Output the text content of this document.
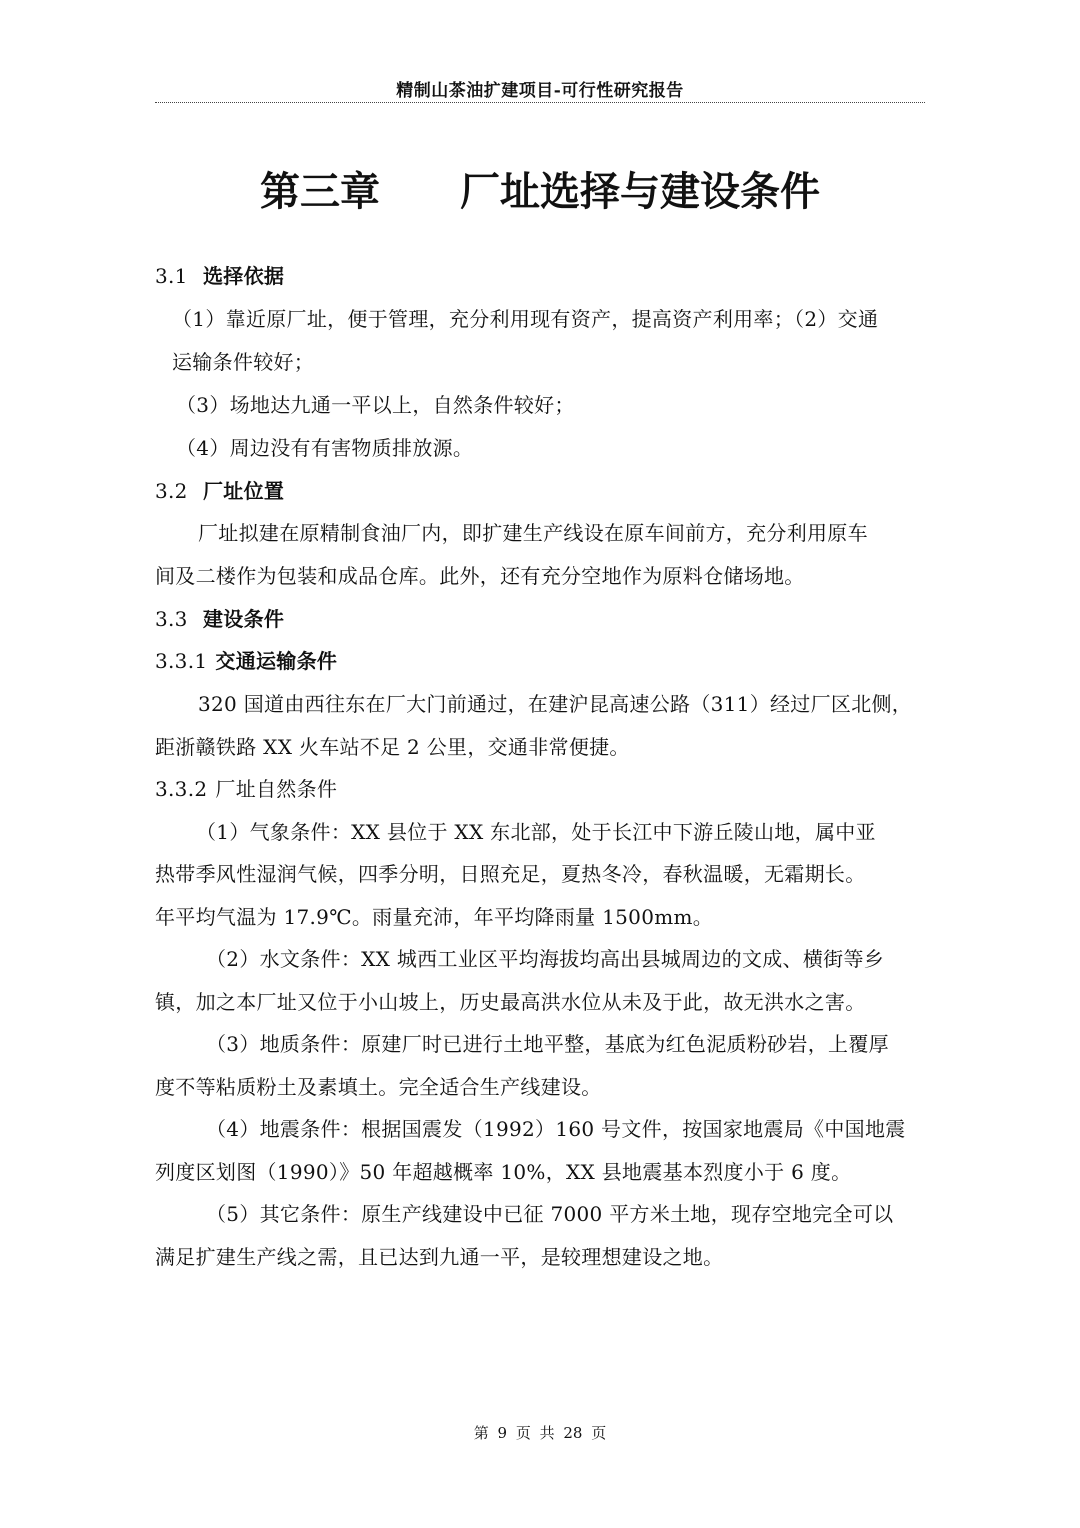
精制山茶油扩建项目-可行性研究报告
第三章 厂址选择与建设条件
3.1 选择依据
（1）靠近原厂址，便于管理，充分利用现有资产，提高资产利用率；（2）交通
运输条件较好；
（3）场地达九通一平以上，自然条件较好；
（4）周边没有有害物质排放源。
3.2 厂址位置
厂址拟建在原精制食油厂内，即扩建生产线设在原车间前方，充分利用原车
间及二楼作为包装和成品仓库。此外，还有充分空地作为原料仓储场地。
3.3 建设条件
3.3.1 交通运输条件
320 国道由西往东在厂大门前通过，在建沪昆高速公路（311）经过厂区北侧，
距浙赣铁路 XX 火车站不足 2 公里，交通非常便捷。
3.3.2 厂址自然条件
（1）气象条件：XX 县位于 XX 东北部，处于长江中下游丘陵山地，属中亚
热带季风性湿润气候，四季分明，日照充足，夏热冬冷，春秋温暖，无霜期长。
年平均气温为 17.9℃。雨量充沛，年平均降雨量 1500mm。
（2）水文条件：XX 城西工业区平均海拔均高出县城周边的文成、横街等乡
镇，加之本厂址又位于小山坡上，历史最高洪水位从未及于此，故无洪水之害。
（3）地质条件：原建厂时已进行土地平整，基底为红色泥质粉砂岩，上覆厚
度不等粘质粉土及素填土。完全适合生产线建设。
（4）地震条件：根据国震发（1992）160 号文件，按国家地震局《中国地震
列度区划图（1990）》50 年超越概率 10%，XX 县地震基本烈度小于 6 度。
（5）其它条件：原生产线建设中已征 7000 平方米土地，现存空地完全可以
满足扩建生产线之需，且已达到九通一平，是较理想建设之地。
第 9 页 共 28 页
